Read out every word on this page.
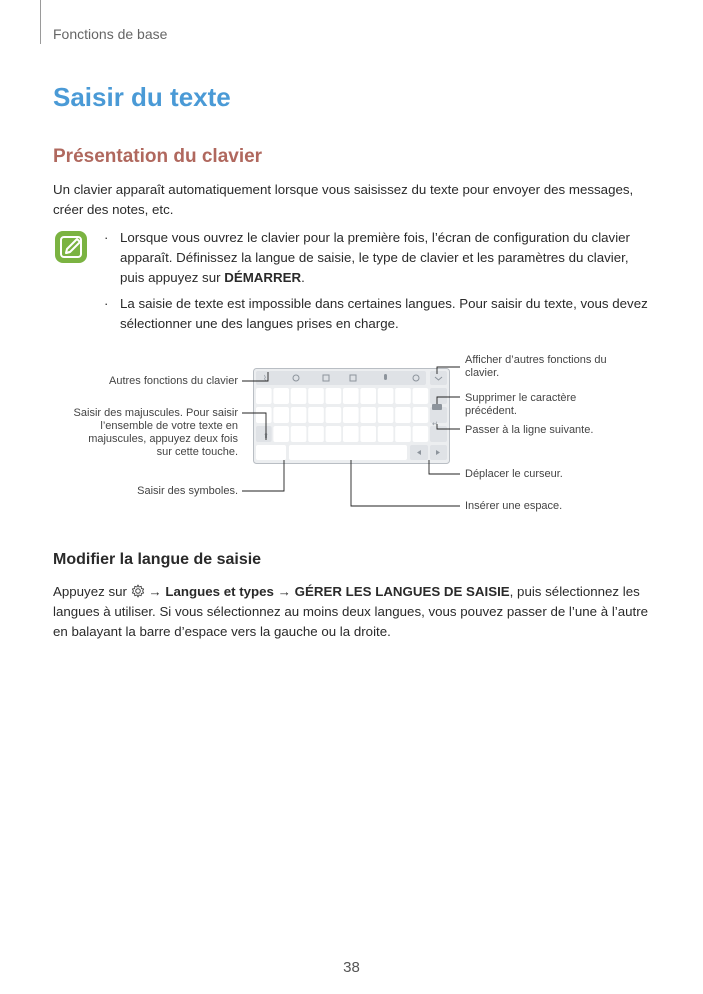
Fonctions de base
Saisir du texte
Présentation du clavier

Un clavier apparaît automatiquement lorsque vous saisissez du texte pour envoyer des messages, créer des notes, etc.

· Lorsque vous ouvrez le clavier pour la première fois, l’écran de configuration du clavier apparaît. Définissez la langue de saisie, le type de clavier et les paramètres du clavier, puis appuyez sur DÉMARRER.
· La saisie de texte est impossible dans certaines langues. Pour saisir du texte, vous devez sélectionner une des langues prises en charge.
⌇
↵
⇧
Autres fonctions du clavier
Saisir des majuscules. Pour saisir l’ensemble de votre texte en majuscules, appuyez deux fois sur cette touche.
Saisir des symboles.
Afficher d’autres fonctions du clavier.
Supprimer le caractère précédent.
Passer à la ligne suivante.
Déplacer le curseur.
Insérer une espace.
Modifier la langue de saisie

Appuyez sur → Langues et types → GÉRER LES LANGUES DE SAISIE, puis sélectionnez les langues à utiliser. Si vous sélectionnez au moins deux langues, vous pouvez passer de l’une à l’autre en balayant la barre d’espace vers la gauche ou la droite.

38
